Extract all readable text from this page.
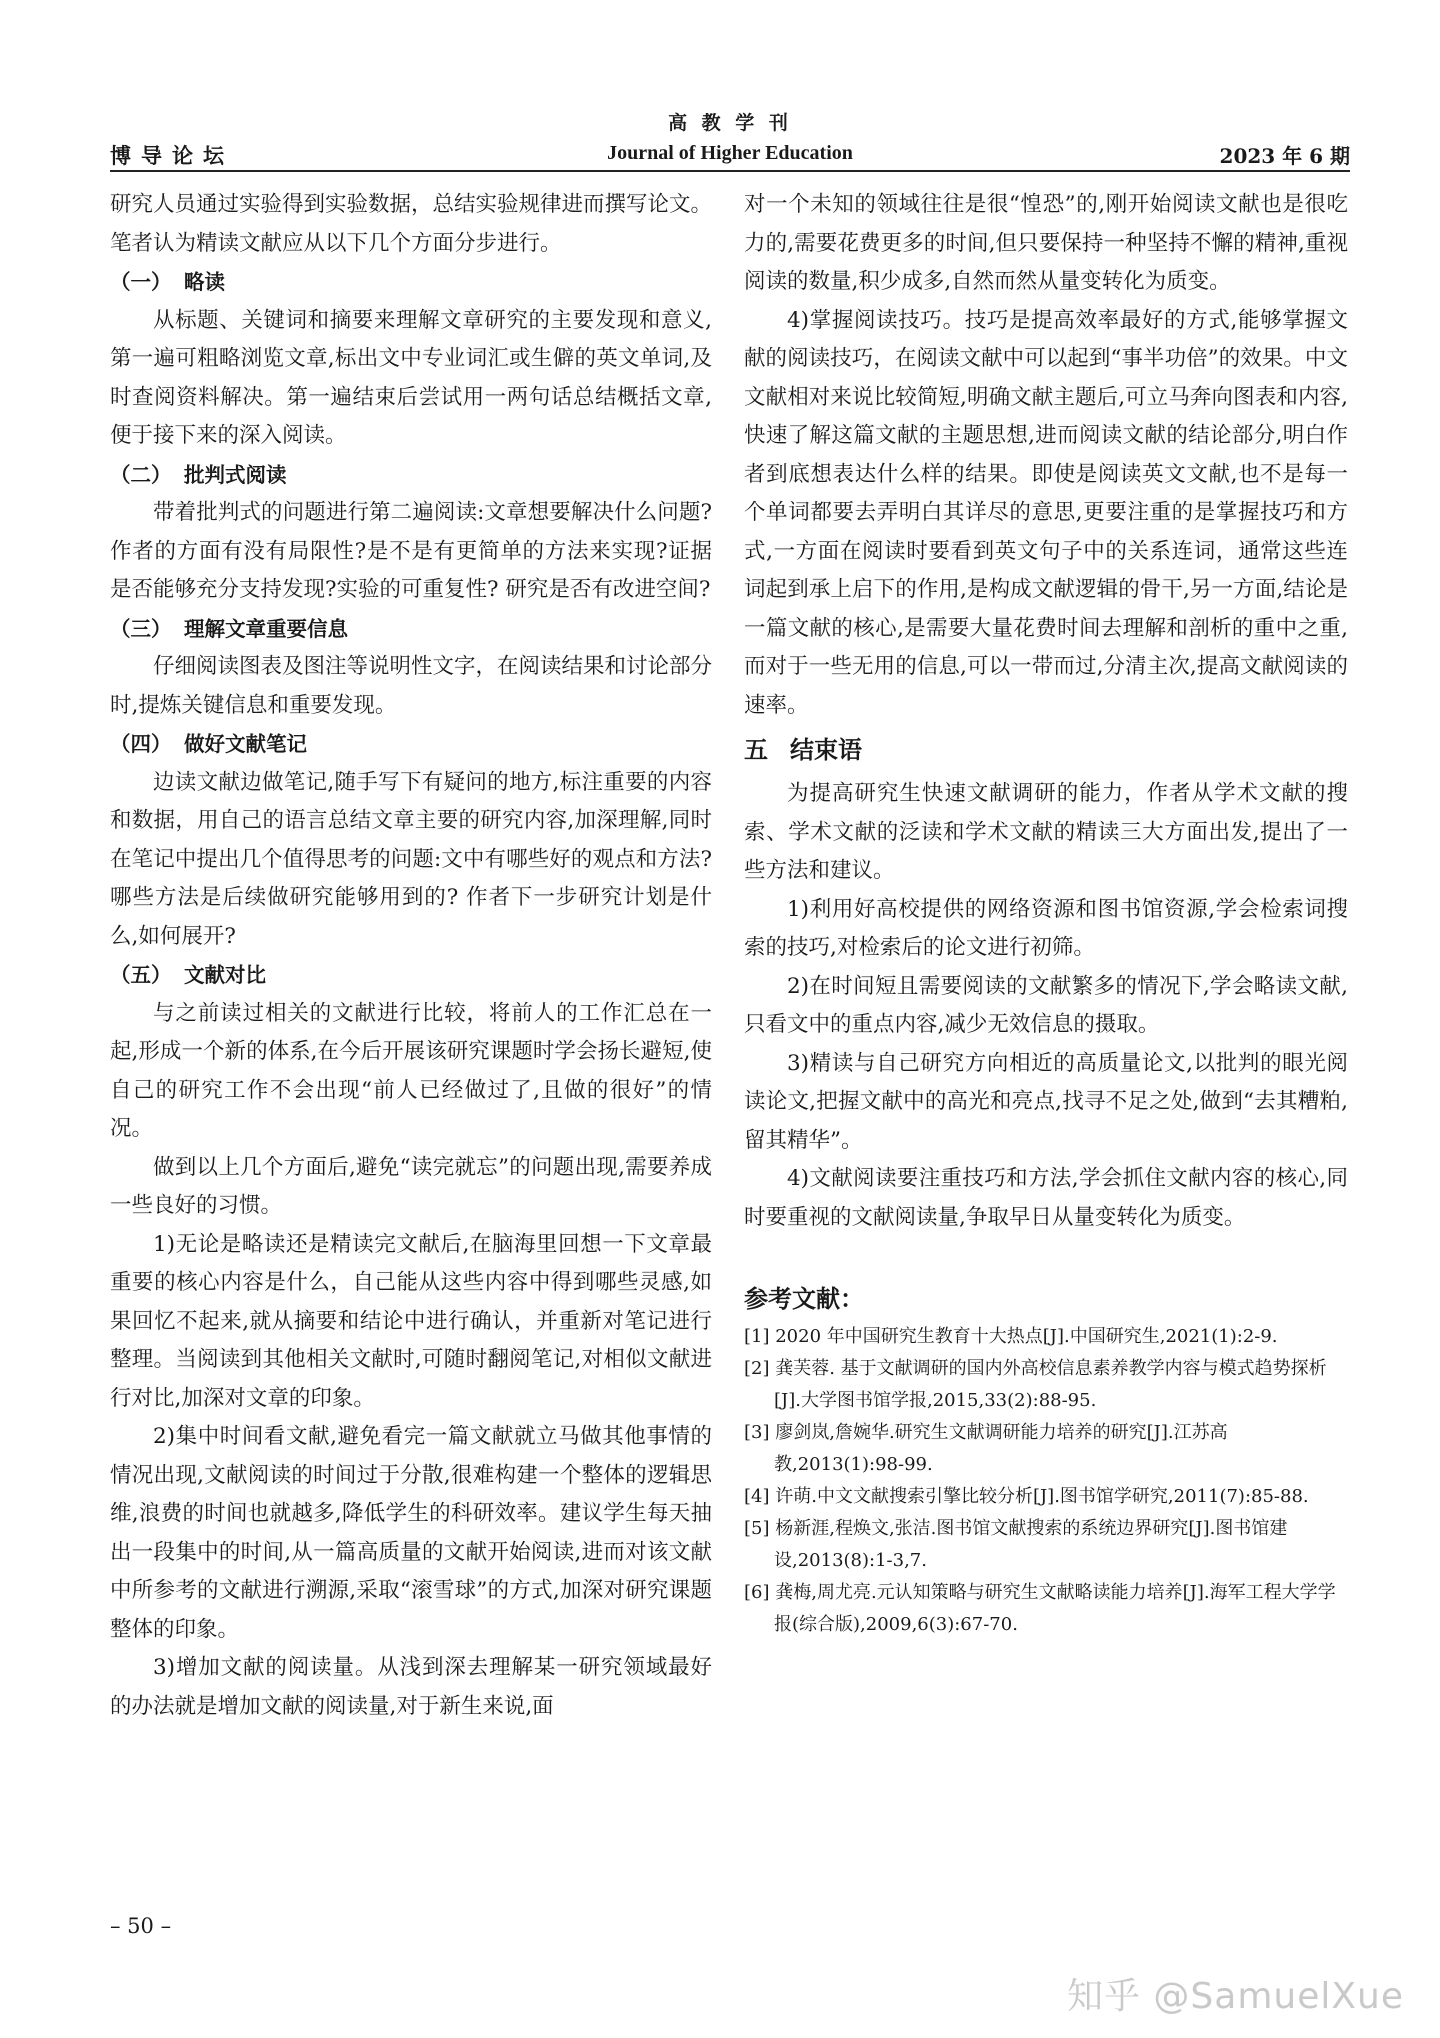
高 教 学 刊
博导论坛	Journal of Higher Education	2023 年 6 期

研究人员通过实验得到实验数据，总结实验规律进而撰写论文。笔者认为精读文献应从以下几个方面分步进行。

（一） 略读

从标题、关键词和摘要来理解文章研究的主要发现和意义,第一遍可粗略浏览文章,标出文中专业词汇或生僻的英文单词,及时查阅资料解决。第一遍结束后尝试用一两句话总结概括文章,便于接下来的深入阅读。

（二） 批判式阅读

带着批判式的问题进行第二遍阅读:文章想要解决什么问题?作者的方面有没有局限性?是不是有更简单的方法来实现?证据是否能够充分支持发现?实验的可重复性? 研究是否有改进空间?

（三） 理解文章重要信息

仔细阅读图表及图注等说明性文字，在阅读结果和讨论部分时,提炼关键信息和重要发现。

（四） 做好文献笔记

边读文献边做笔记,随手写下有疑问的地方,标注重要的内容和数据，用自己的语言总结文章主要的研究内容,加深理解,同时在笔记中提出几个值得思考的问题:文中有哪些好的观点和方法? 哪些方法是后续做研究能够用到的? 作者下一步研究计划是什么,如何展开?

（五） 文献对比

与之前读过相关的文献进行比较，将前人的工作汇总在一起,形成一个新的体系,在今后开展该研究课题时学会扬长避短,使自己的研究工作不会出现“前人已经做过了,且做的很好”的情况。

做到以上几个方面后,避免“读完就忘”的问题出现,需要养成一些良好的习惯。

1)无论是略读还是精读完文献后,在脑海里回想一下文章最重要的核心内容是什么，自己能从这些内容中得到哪些灵感,如果回忆不起来,就从摘要和结论中进行确认，并重新对笔记进行整理。当阅读到其他相关文献时,可随时翻阅笔记,对相似文献进行对比,加深对文章的印象。

2)集中时间看文献,避免看完一篇文献就立马做其他事情的情况出现,文献阅读的时间过于分散,很难构建一个整体的逻辑思维,浪费的时间也就越多,降低学生的科研效率。建议学生每天抽出一段集中的时间,从一篇高质量的文献开始阅读,进而对该文献中所参考的文献进行溯源,采取“滚雪球”的方式,加深对研究课题整体的印象。

3)增加文献的阅读量。从浅到深去理解某一研究领域最好的办法就是增加文献的阅读量,对于新生来说,面

对一个未知的领域往往是很“惶恐”的,刚开始阅读文献也是很吃力的,需要花费更多的时间,但只要保持一种坚持不懈的精神,重视阅读的数量,积少成多,自然而然从量变转化为质变。

4)掌握阅读技巧。技巧是提高效率最好的方式,能够掌握文献的阅读技巧，在阅读文献中可以起到“事半功倍”的效果。中文文献相对来说比较简短,明确文献主题后,可立马奔向图表和内容,快速了解这篇文献的主题思想,进而阅读文献的结论部分,明白作者到底想表达什么样的结果。即使是阅读英文文献,也不是每一个单词都要去弄明白其详尽的意思,更要注重的是掌握技巧和方式,一方面在阅读时要看到英文句子中的关系连词，通常这些连词起到承上启下的作用,是构成文献逻辑的骨干,另一方面,结论是一篇文献的核心,是需要大量花费时间去理解和剖析的重中之重,而对于一些无用的信息,可以一带而过,分清主次,提高文献阅读的速率。

五 结束语

为提高研究生快速文献调研的能力，作者从学术文献的搜索、学术文献的泛读和学术文献的精读三大方面出发,提出了一些方法和建议。

1)利用好高校提供的网络资源和图书馆资源,学会检索词搜索的技巧,对检索后的论文进行初筛。

2)在时间短且需要阅读的文献繁多的情况下,学会略读文献,只看文中的重点内容,减少无效信息的摄取。

3)精读与自己研究方向相近的高质量论文,以批判的眼光阅读论文,把握文献中的高光和亮点,找寻不足之处,做到“去其糟粕,留其精华”。

4)文献阅读要注重技巧和方法,学会抓住文献内容的核心,同时要重视的文献阅读量,争取早日从量变转化为质变。

参考文献：
[1] 2020 年中国研究生教育十大热点[J].中国研究生,2021(1):2-9.
[2] 龚芙蓉. 基于文献调研的国内外高校信息素养教学内容与模式趋势探析[J].大学图书馆学报,2015,33(2):88-95.
[3] 廖剑岚,詹婉华.研究生文献调研能力培养的研究[J].江苏高教,2013(1):98-99.
[4] 许萌.中文文献搜索引擎比较分析[J].图书馆学研究,2011(7):85-88.
[5] 杨新涯,程焕文,张洁.图书馆文献搜索的系统边界研究[J].图书馆建设,2013(8):1-3,7.
[6] 龚梅,周尤亮.元认知策略与研究生文献略读能力培养[J].海军工程大学学报(综合版),2009,6(3):67-70.
– 50 –
知乎 @SamuelXue
